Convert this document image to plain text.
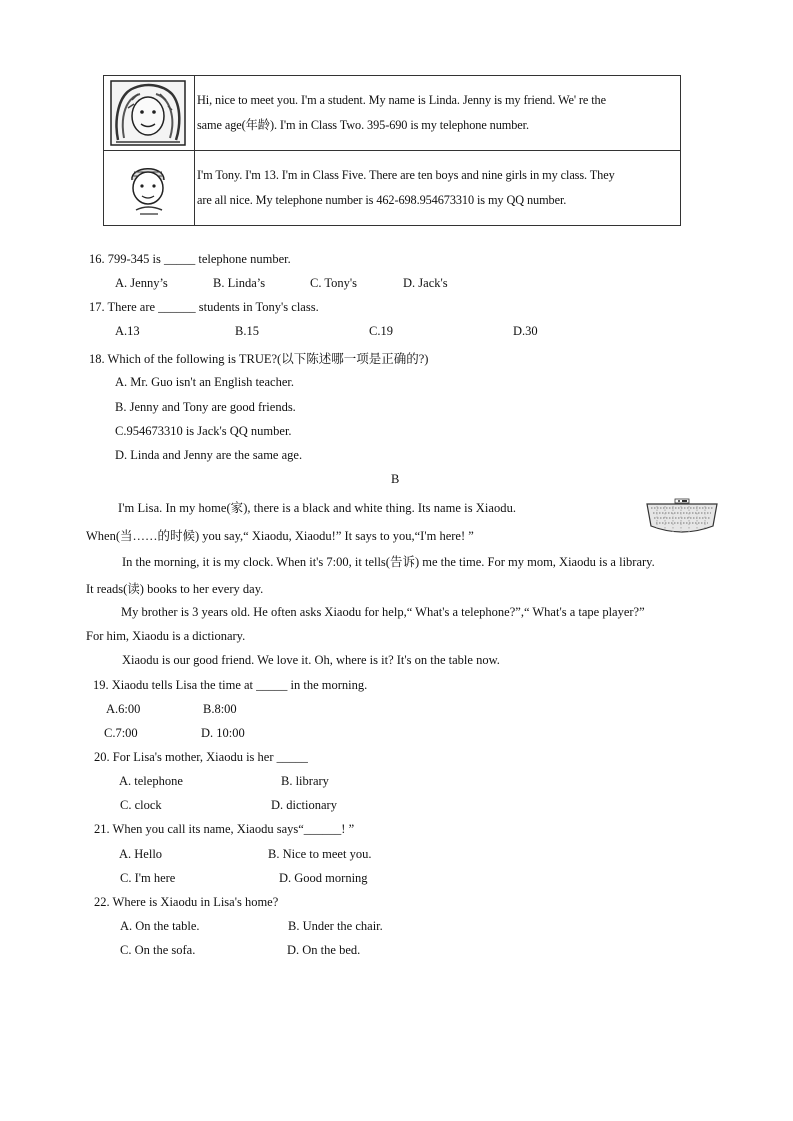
Hi, nice to meet you. I'm a student. My name is Linda. Jenny is my friend. We' re the
same age(年龄). I'm in Class Two. 395-690 is my telephone number.

I'm Tony. I'm 13. I'm in Class Five. There are ten boys and nine girls in my class. They
are all nice. My telephone number is 462-698.954673310 is my QQ number.
16. 799-345 is _____ telephone number.
A. Jenny’s	B. Linda’s	C. Tony's	D. Jack's
17. There are ______ students in Tony's class.
A.13	B.15	C.19	D.30
18. Which of the following is TRUE?(以下陈述哪一项是正确的?)
A. Mr. Guo isn't an English teacher.
B. Jenny and Tony are good friends.
C.954673310 is Jack's QQ number.
D. Linda and Jenny are the same age.
B
I'm Lisa. In my home(家), there is a black and white thing. Its name is Xiaodu.
When(当……的时候) you say,“ Xiaodu, Xiaodu!” It says to you,“I'm here! ”
In the morning, it is my clock. When it's 7:00, it tells(告诉) me the time. For my mom, Xiaodu is a library.
It reads(读) books to her every day.
My brother is 3 years old. He often asks Xiaodu for help,“ What's a telephone?”,“ What's a tape player?”
For him, Xiaodu is a dictionary.
Xiaodu is our good friend. We love it. Oh, where is it? It's on the table now.
19. Xiaodu tells Lisa the time at _____ in the morning.
A.6:00	B.8:00
C.7:00	D. 10:00
20. For Lisa's mother, Xiaodu is her _____
A. telephone	B. library
C. clock	D. dictionary
21. When you call its name, Xiaodu says“______! ”
A. Hello	B. Nice to meet you.
C. I'm here	D. Good morning
22. Where is Xiaodu in Lisa's home?
A. On the table.	B. Under the chair.
C. On the sofa.	D. On the bed.
